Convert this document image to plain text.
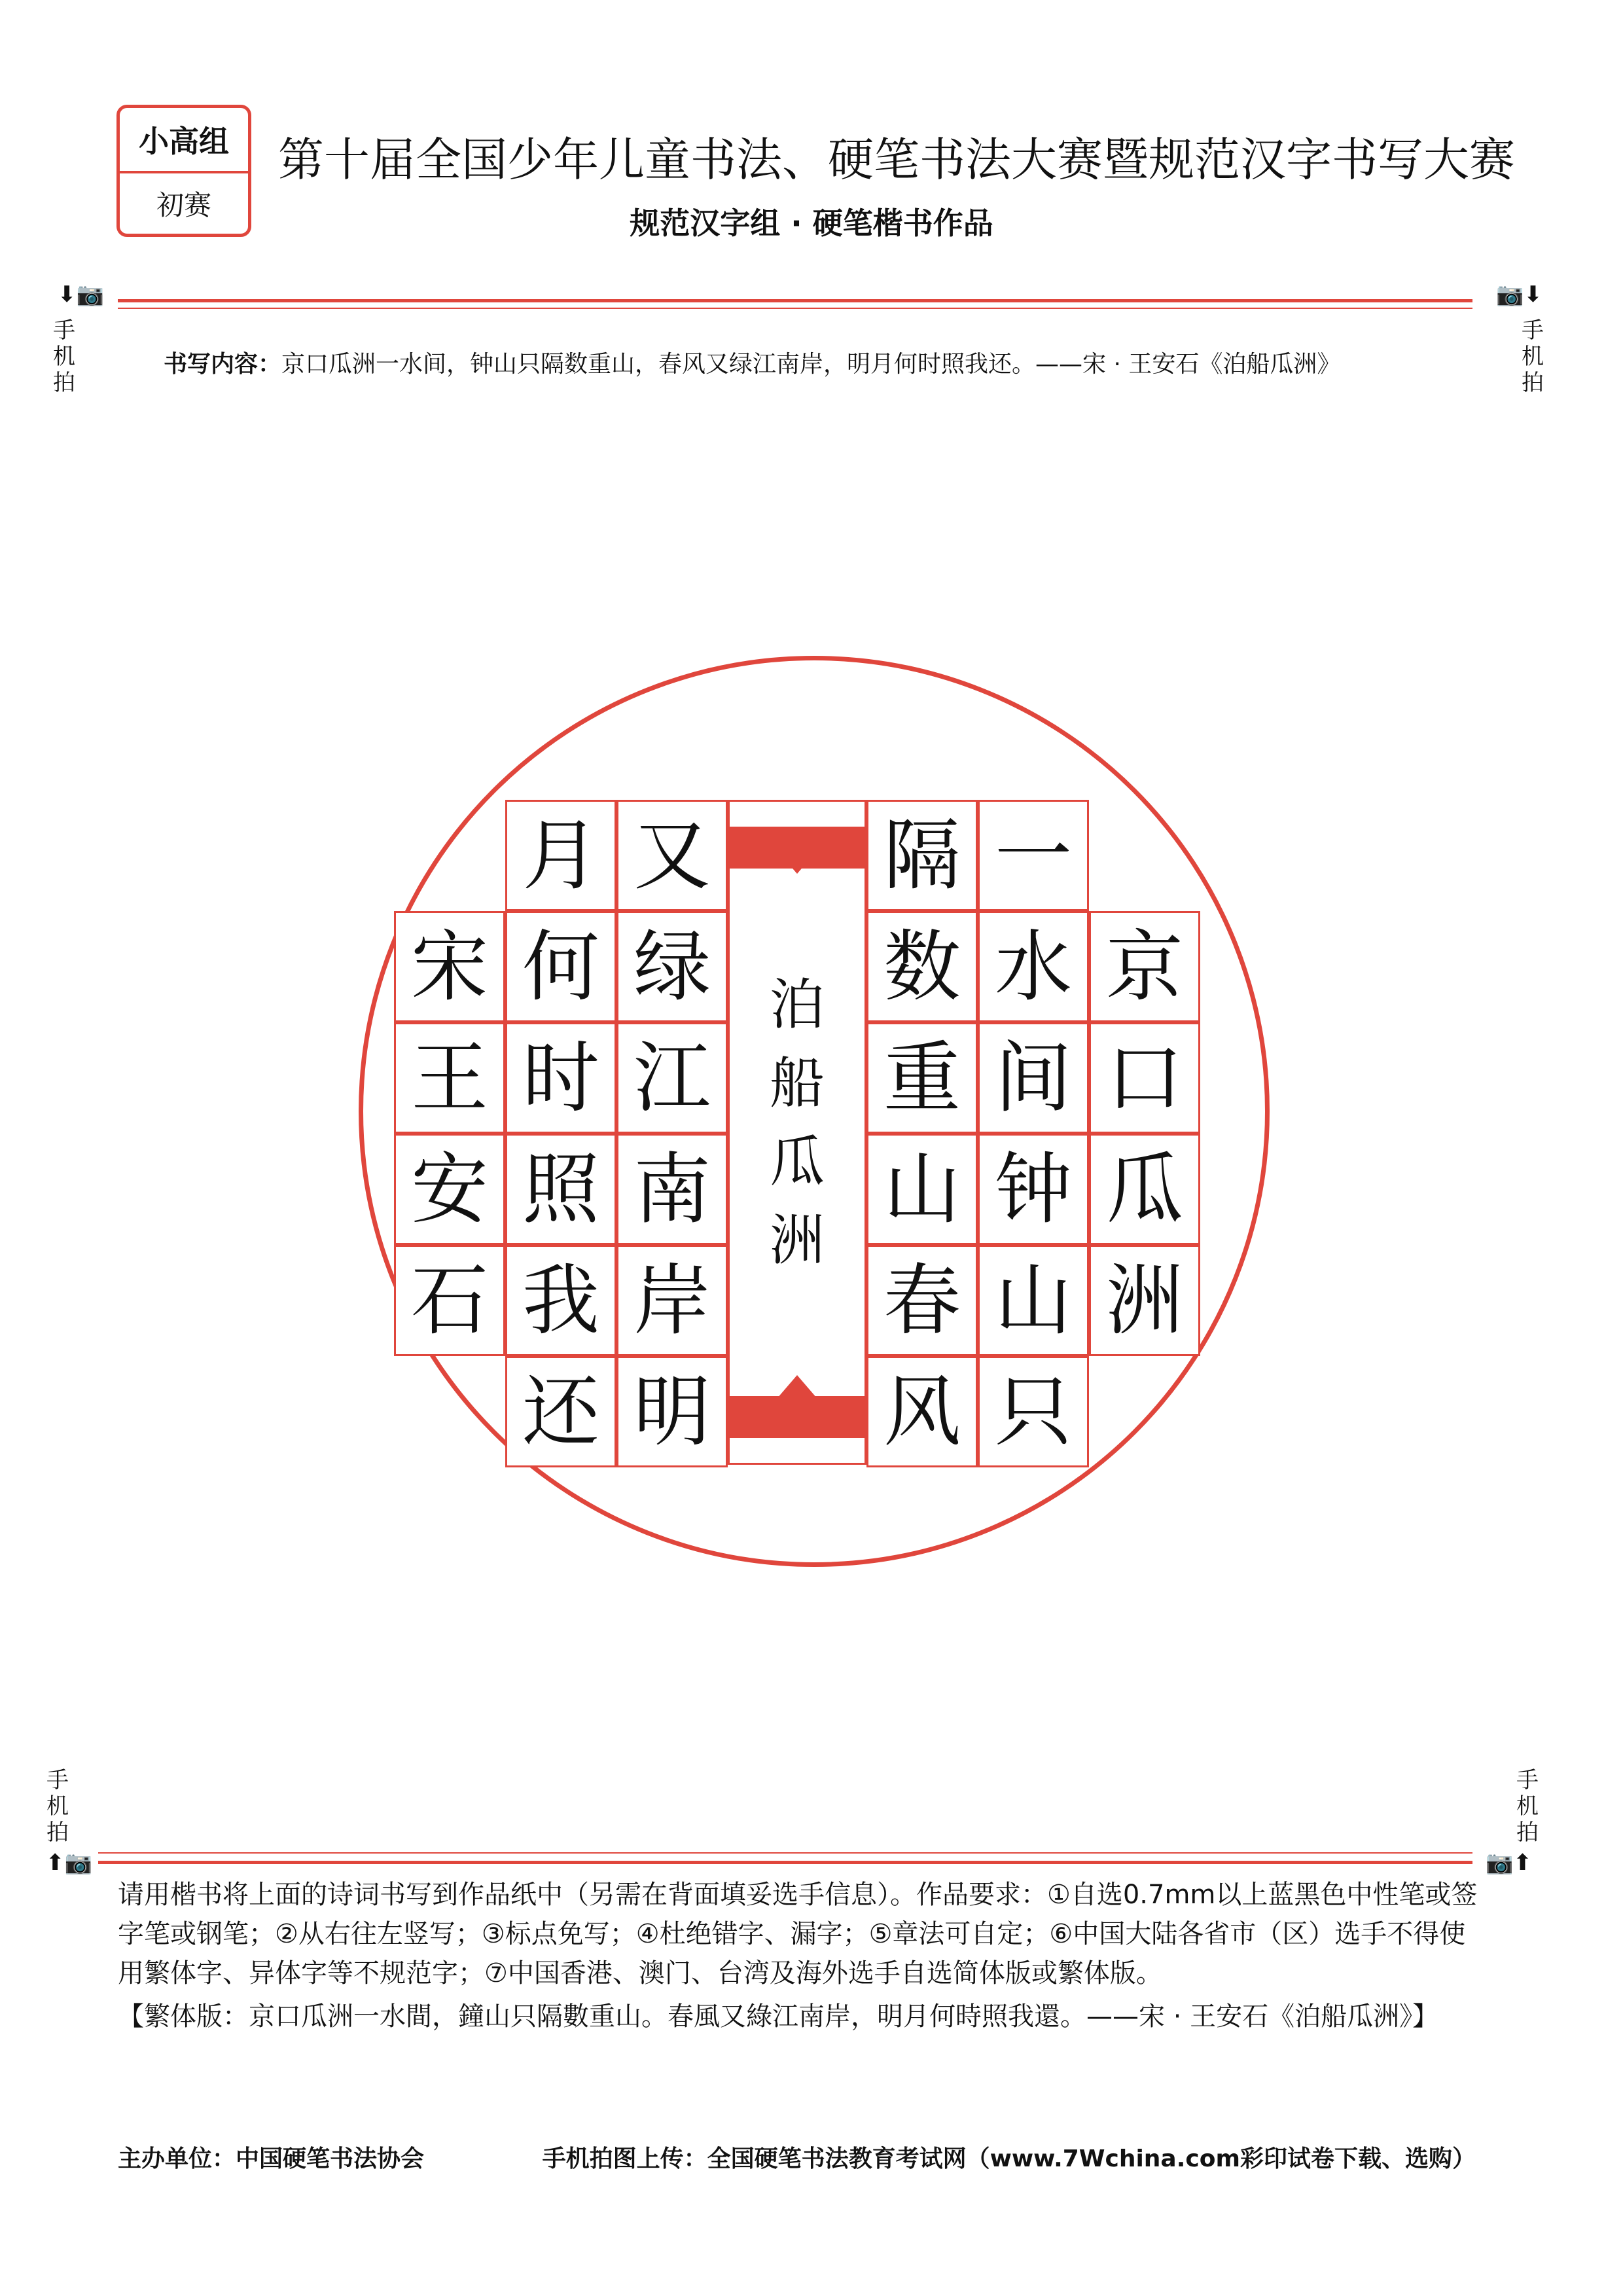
小高组
初赛
第十届全国少年儿童书法、硬笔书法大赛暨规范汉字书写大赛
规范汉字组 · 硬笔楷书作品
⬇📷	📷⬇
手机拍
手机拍
书写内容：京口瓜洲一水间，钟山只隔数重山，春风又绿江南岸，明月何时照我还。——宋 · 王安石《泊船瓜洲》
京
口
瓜
洲
一
水
间
钟
山
只
隔
数
重
山
春
风
又
绿
江
南
岸
明
月
何
时
照
我
还
宋
王
安
石
泊
船
瓜
洲
手机拍
手机拍
⬆📷	📷⬆

请用楷书将上面的诗词书写到作品纸中（另需在背面填妥选手信息）。作品要求：①自选0.7mm以上蓝黑色中性笔或签字笔或钢笔；②从右往左竖写；③标点免写；④杜绝错字、漏字；⑤章法可自定；⑥中国大陆各省市（区）选手不得使用繁体字、异体字等不规范字；⑦中国香港、澳门、台湾及海外选手自选简体版或繁体版。

【繁体版：京口瓜洲一水間，鐘山只隔數重山。春風又綠江南岸，明月何時照我還。——宋 · 王安石《泊船瓜洲》】

主办单位：中国硬笔书法协会	手机拍图上传：全国硬笔书法教育考试网（www.7Wchina.com彩印试卷下载、选购）
